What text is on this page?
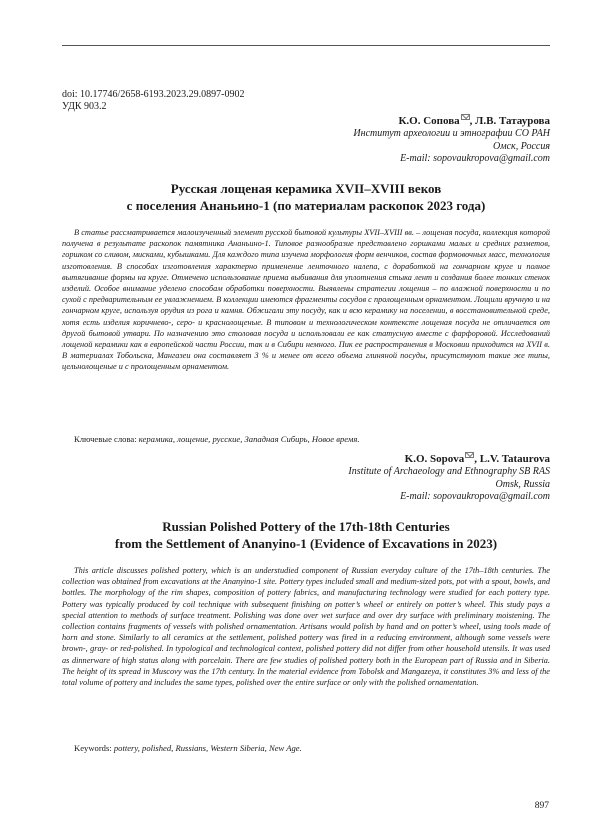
doi: 10.17746/2658-6193.2023.29.0897-0902
УДК 903.2
К.О. Сопова , Л.В. Татаурова
Институт археологии и этнографии СО РАН
Омск, Россия
E-mail: sopovaukropova@gmail.com
Русская лощеная керамика XVII–XVIII веков
с поселения Ананьино-1 (по материалам раскопок 2023 года)
В статье рассматривается малоизученный элемент русской бытовой культуры XVII–XVIII вв. – лощеная посуда, коллекция которой получена в результате раскопок памятника Ананьино-1. Типовое разнообразие представлено горшками малых и средних разметов, горшком со сливом, мисками, кубышками. Для каждого типа изучена морфология форм венчиков, состав формовочных масс, технология изготовления. В способах изготовления характерно применение ленточного налепа, с доработкой на гончарном круге и полное вытягивание формы на круге. Отмечено использование приема выбивания для уплотнения стыка лент и создания более тонких стенок изделий. Особое внимание уделено способам обработки поверхности. Выявлены стратегии лощения – по влажной поверхности и по сухой с предварительным ее увлажнением. В коллекции имеются фрагменты сосудов с пролощенным орнаментом. Лощили вручную и на гончарном круге, используя орудия из рога и камня. Обжигали эту посуду, как и всю керамику на поселении, в восстановительной среде, хотя есть изделия коричнево-, серо- и краснолощеные. В типовом и технологическом контексте лощеная посуда не отличается от другой бытовой утвари. По назначению это столовая посуда и использовали ее как статусную вместе с фарфоровой. Исследований лощеной керамики как в европейской части России, так и в Сибири немного. Пик ее распространения в Московии приходится на XVII в. В материалах Тобольска, Мангазеи она составляет 3 % и менее от всего объема глиняной посуды, присутствуют такие же типы, цельнолощеные и с пролощенным орнаментом.
Ключевые слова: керамика, лощение, русские, Западная Сибирь, Новое время.
K.O. Sopova , L.V. Tataurova
Institute of Archaeology and Ethnography SB RAS
Omsk, Russia
E-mail: sopovaukropova@gmail.com
Russian Polished Pottery of the 17th-18th Centuries
from the Settlement of Ananyino-1 (Evidence of Excavations in 2023)
This article discusses polished pottery, which is an understudied component of Russian everyday culture of the 17th–18th centuries. The collection was obtained from excavations at the Ananyino-1 site. Pottery types included small and medium-sized pots, pot with a spout, bowls, and bottles. The morphology of the rim shapes, composition of pottery fabrics, and manufacturing technology were studied for each pottery type. Pottery was typically produced by coil technique with subsequent finishing on potter’s wheel or entirely on potter’s wheel. This study pays a special attention to methods of surface treatment. Polishing was done over wet surface and over dry surface with preliminary moistening. The collection contains fragments of vessels with polished ornamentation. Artisans would polish by hand and on potter’s wheel, using tools made of horn and stone. Similarly to all ceramics at the settlement, polished pottery was fired in a reducing environment, although some vessels were brown-, gray- or red-polished. In typological and technological context, polished pottery did not differ from other household utensils. It was used as dinnerware of high status along with porcelain. There are few studies of polished pottery both in the European part of Russia and in Siberia. The height of its spread in Muscovy was the 17th century. In the material evidence from Tobolsk and Mangazeya, it constitutes 3% and less of the total volume of pottery and includes the same types, polished over the entire surface or only with the polished ornamentation.
Keywords: pottery, polished, Russians, Western Siberia, New Age.
897
